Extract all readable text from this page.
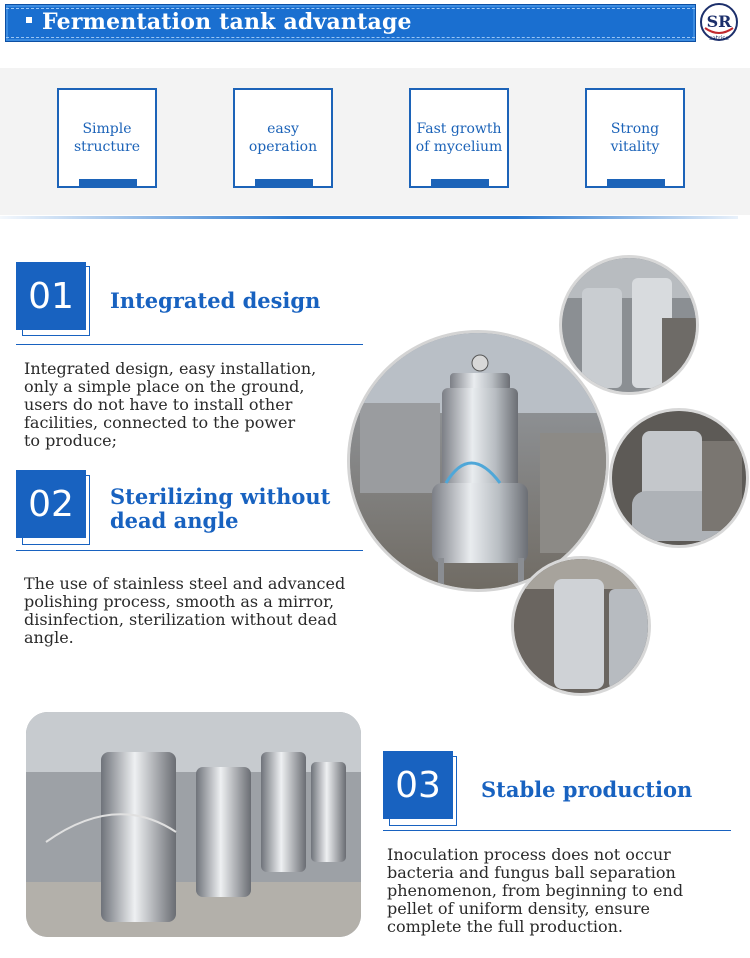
Fermentation tank advantage	SR
satrise
Simple
structure
easy
operation
Fast growth
of mycelium
Strong
vitality
01 Integrated design
Integrated design, easy installation,
only a simple place on the ground,
users do not have to install other
facilities, connected to the power
to produce;
02 Sterilizing without
dead angle
The use of stainless steel and advanced
polishing process, smooth as a mirror,
disinfection, sterilization without dead
angle.
03 Stable production
Inoculation process does not occur
bacteria and fungus ball separation
phenomenon, from beginning to end
pellet of uniform density, ensure
complete the full production.
